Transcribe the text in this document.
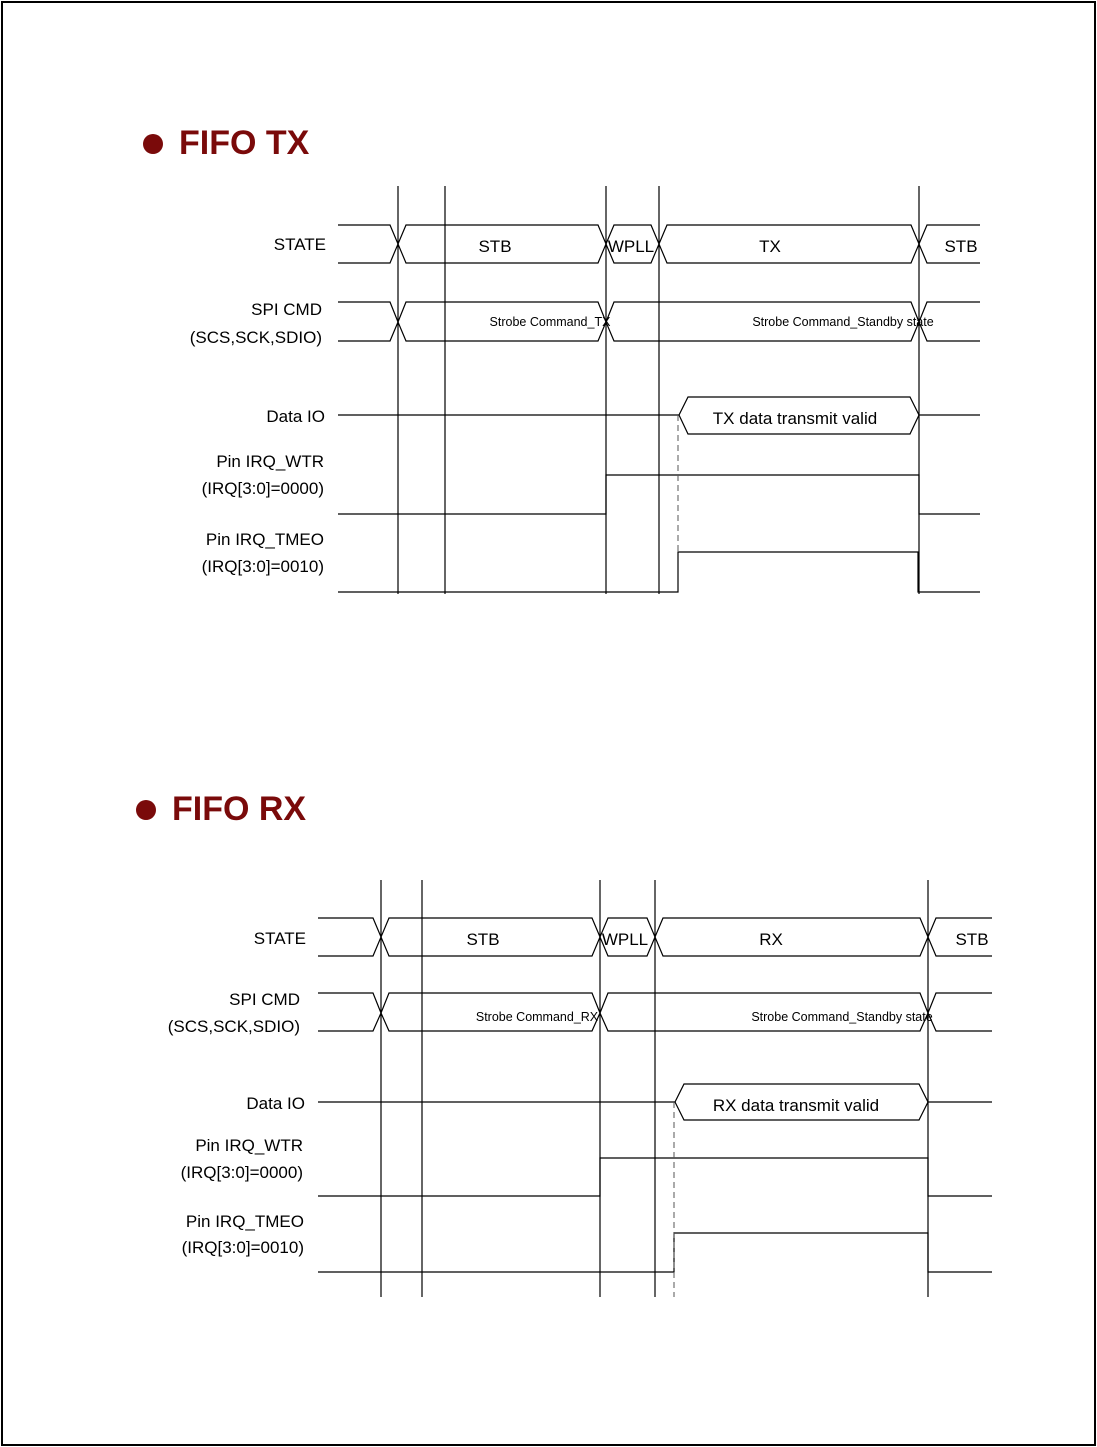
FIFO TX
STATE
SPI CMD
(SCS,SCK,SDIO)
Data IO
Pin IRQ_WTR
(IRQ[3:0]=0000)
Pin IRQ_TMEO
(IRQ[3:0]=0010)
STB	WPLL	TX	STB
Strobe Command_TX	Strobe Command_Standby state
TX data transmit valid
FIFO RX
STATE
SPI CMD
(SCS,SCK,SDIO)
Data IO
Pin IRQ_WTR
(IRQ[3:0]=0000)
Pin IRQ_TMEO
(IRQ[3:0]=0010)
STB	WPLL	RX	STB
Strobe Command_RX	Strobe Command_Standby state
RX data transmit valid
